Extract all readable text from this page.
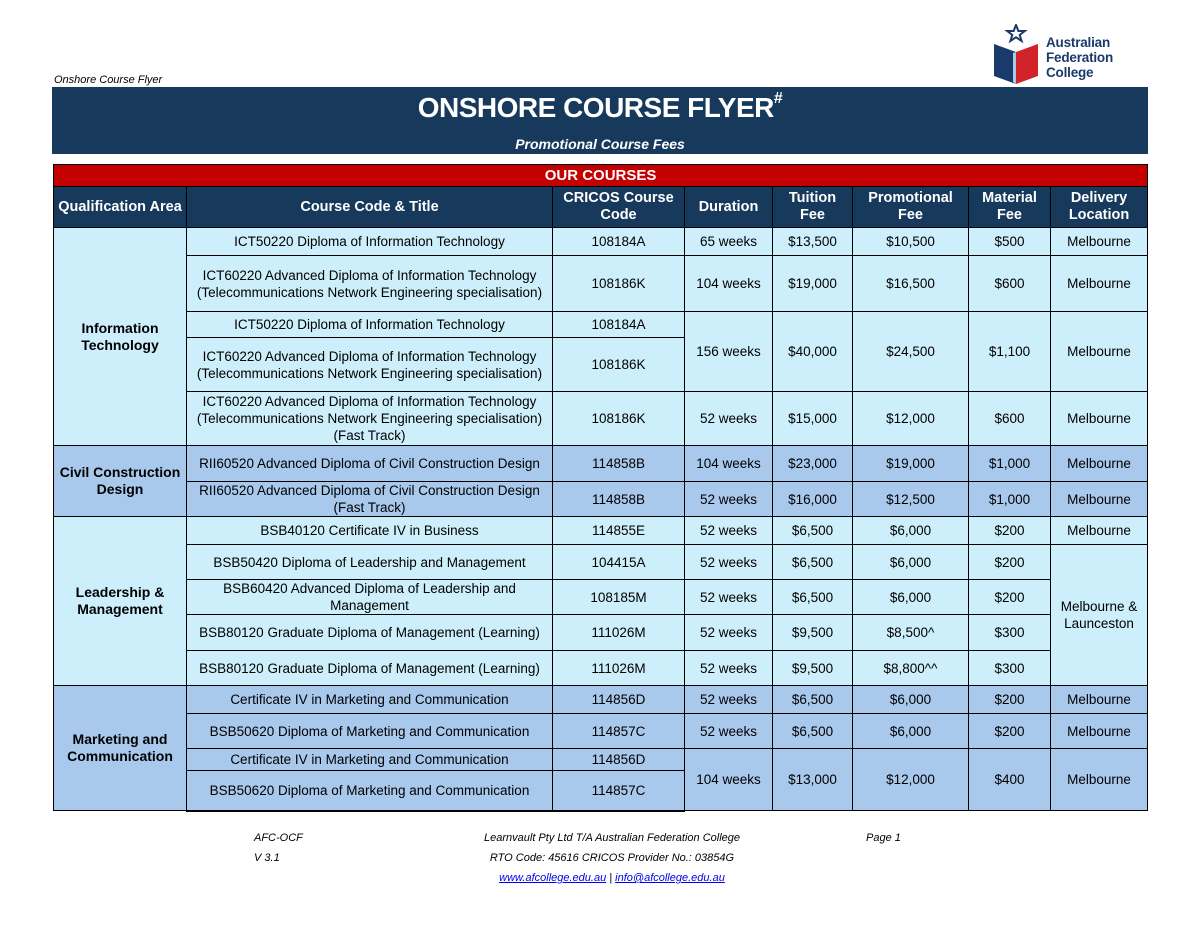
Australian
Federation
College
Onshore Course Flyer
ONSHORE COURSE FLYER#
Promotional Course Fees
OUR COURSES							
Qualification Area	Course Code & Title	CRICOS Course Code	Duration	Tuition Fee	Promotional Fee	Material Fee	Delivery Location
Information Technology	ICT50220 Diploma of Information Technology	108184A	65 weeks	$13,500	$10,500	$500	Melbourne
	ICT60220 Advanced Diploma of Information Technology (Telecommunications Network Engineering specialisation)	108186K	104 weeks	$19,000	$16,500	$600	Melbourne
	ICT50220 Diploma of Information Technology	108184A	156 weeks	$40,000	$24,500	$1,100	Melbourne
	ICT60220 Advanced Diploma of Information Technology (Telecommunications Network Engineering specialisation)	108186K					
	ICT60220 Advanced Diploma of Information Technology (Telecommunications Network Engineering specialisation) (Fast Track)	108186K	52 weeks	$15,000	$12,000	$600	Melbourne
Civil Construction Design	RII60520 Advanced Diploma of Civil Construction Design	114858B	104 weeks	$23,000	$19,000	$1,000	Melbourne
	RII60520 Advanced Diploma of Civil Construction Design (Fast Track)	114858B	52 weeks	$16,000	$12,500	$1,000	Melbourne
Leadership & Management	BSB40120 Certificate IV in Business	114855E	52 weeks	$6,500	$6,000	$200	Melbourne
	BSB50420 Diploma of Leadership and Management	104415A	52 weeks	$6,500	$6,000	$200	Melbourne & Launceston
	BSB60420 Advanced Diploma of Leadership and Management	108185M	52 weeks	$6,500	$6,000	$200	
	BSB80120 Graduate Diploma of Management (Learning)	111026M	52 weeks	$9,500	$8,500^	$300	
	BSB80120 Graduate Diploma of Management (Learning)	111026M	52 weeks	$9,500	$8,800^^	$300	
Marketing and Communication	Certificate IV in Marketing and Communication	114856D	52 weeks	$6,500	$6,000	$200	Melbourne
	BSB50620 Diploma of Marketing and Communication	114857C	52 weeks	$6,500	$6,000	$200	Melbourne
	Certificate IV in Marketing and Communication	114856D	104 weeks	$13,000	$12,000	$400	Melbourne
	BSB50620 Diploma of Marketing and Communication	114857C					
AFC-OCF
V 3.1
Learnvault Pty Ltd T/A Australian Federation College
RTO Code: 45616 CRICOS Provider No.: 03854G
www.afcollege.edu.au | info@afcollege.edu.au
Page 1
